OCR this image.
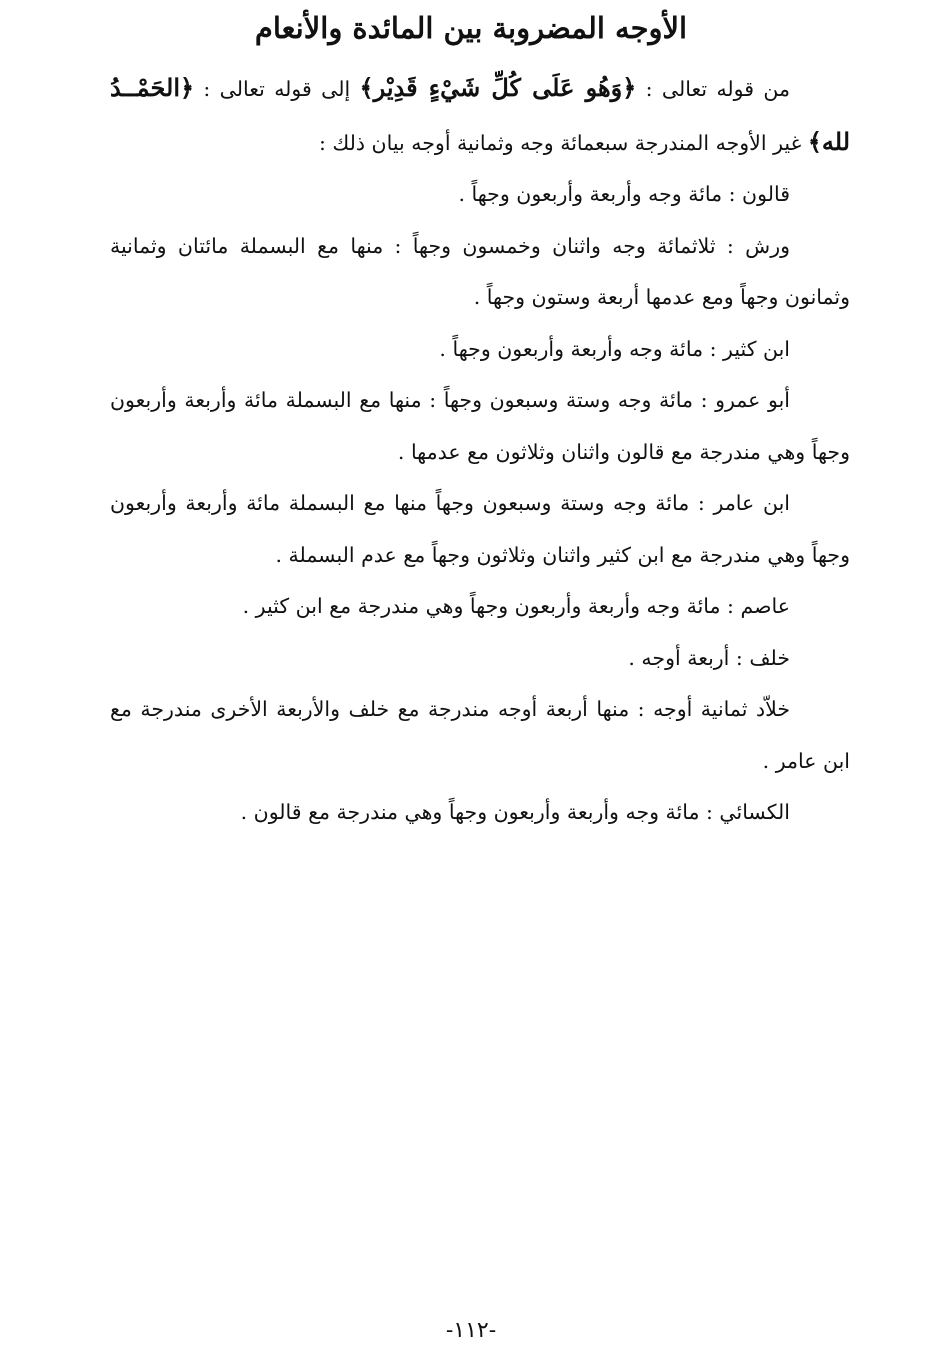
الأوجه المضروبة بين المائدة والأنعام

من قوله تعالى : ﴿وَهُو عَلَى كُلِّ شَيْءٍ قَدِيْر﴾ إلى قوله تعالى : ﴿الحَمْــدُ لله﴾ غير الأوجه المندرجة سبعمائة وجه وثمانية أوجه بيان ذلك :

قالون : مائة وجه وأربعة وأربعون وجهاً .

ورش : ثلاثمائة وجه واثنان وخمسون وجهاً : منها مع البسملة مائتان وثمانية وثمانون وجهاً ومع عدمها أربعة وستون وجهاً .

ابن كثير : مائة وجه وأربعة وأربعون وجهاً .

أبو عمرو : مائة وجه وستة وسبعون وجهاً : منها مع البسملة مائة وأربعة وأربعون وجهاً وهي مندرجة مع قالون واثنان وثلاثون مع عدمها .

ابن عامر : مائة وجه وستة وسبعون وجهاً منها مع البسملة مائة وأربعة وأربعون وجهاً وهي مندرجة مع ابن كثير واثنان وثلاثون وجهاً مع عدم البسملة .

عاصم : مائة وجه وأربعة وأربعون وجهاً وهي مندرجة مع ابن كثير .

خلف : أربعة أوجه .

خلاّد ثمانية أوجه : منها أربعة أوجه مندرجة مع خلف والأربعة الأخرى مندرجة مع ابن عامر .

الكسائي : مائة وجه وأربعة وأربعون وجهاً وهي مندرجة مع قالون .

-١١٢-
